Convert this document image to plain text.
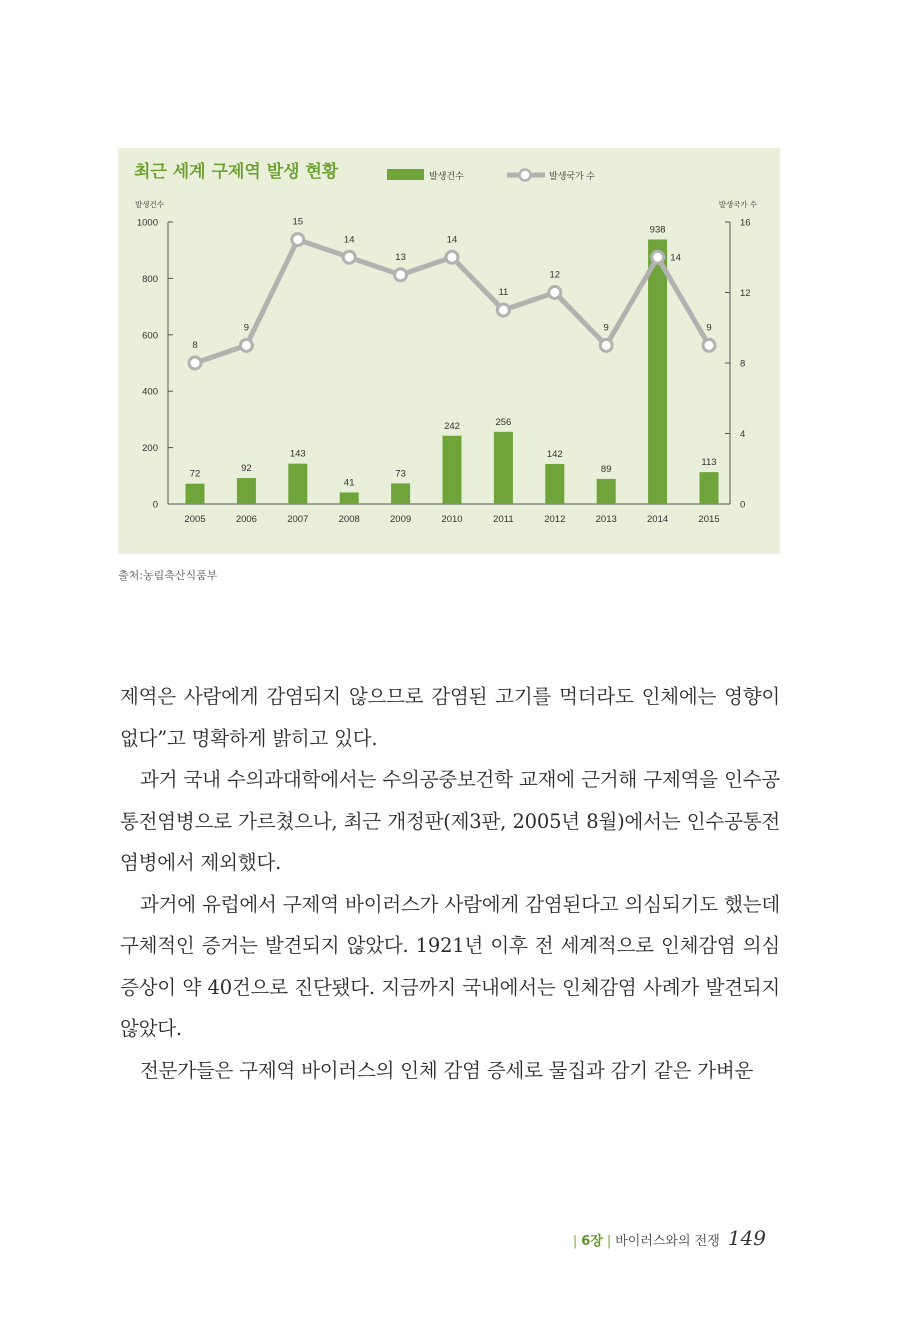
발생건수	발생국가 수
발생건수	발생국가 수
0
200
400
600
800
1000
0
4
8
12
16
72
2005
92
2006
143
2007
41
2008
73
2009
242
2010
256
2011
142
2012
89
2013
938
2014
113
2015
8
9
15
14
13
14
11
12
9
14
9
최근 세계 구제역 발생 현황
출처:농림축산식품부

제역은 사람에게 감염되지 않으므로 감염된 고기를 먹더라도 인체에는 영향이 없다”고 명확하게 밝히고 있다.

과거 국내 수의과대학에서는 수의공중보건학 교재에 근거해 구제역을 인수공통전염병으로 가르쳤으나, 최근 개정판(제3판, 2005년 8월)에서는 인수공통전염병에서 제외했다.

과거에 유럽에서 구제역 바이러스가 사람에게 감염된다고 의심되기도 했는데 구체적인 증거는 발견되지 않았다. 1921년 이후 전 세계적으로 인체감염 의심 증상이 약 40건으로 진단됐다. 지금까지 국내에서는 인체감염 사례가 발견되지 않았다.

전문가들은 구제역 바이러스의 인체 감염 증세로 물집과 감기 같은 가벼운

| 6장 | 바이러스와의 전쟁 149
